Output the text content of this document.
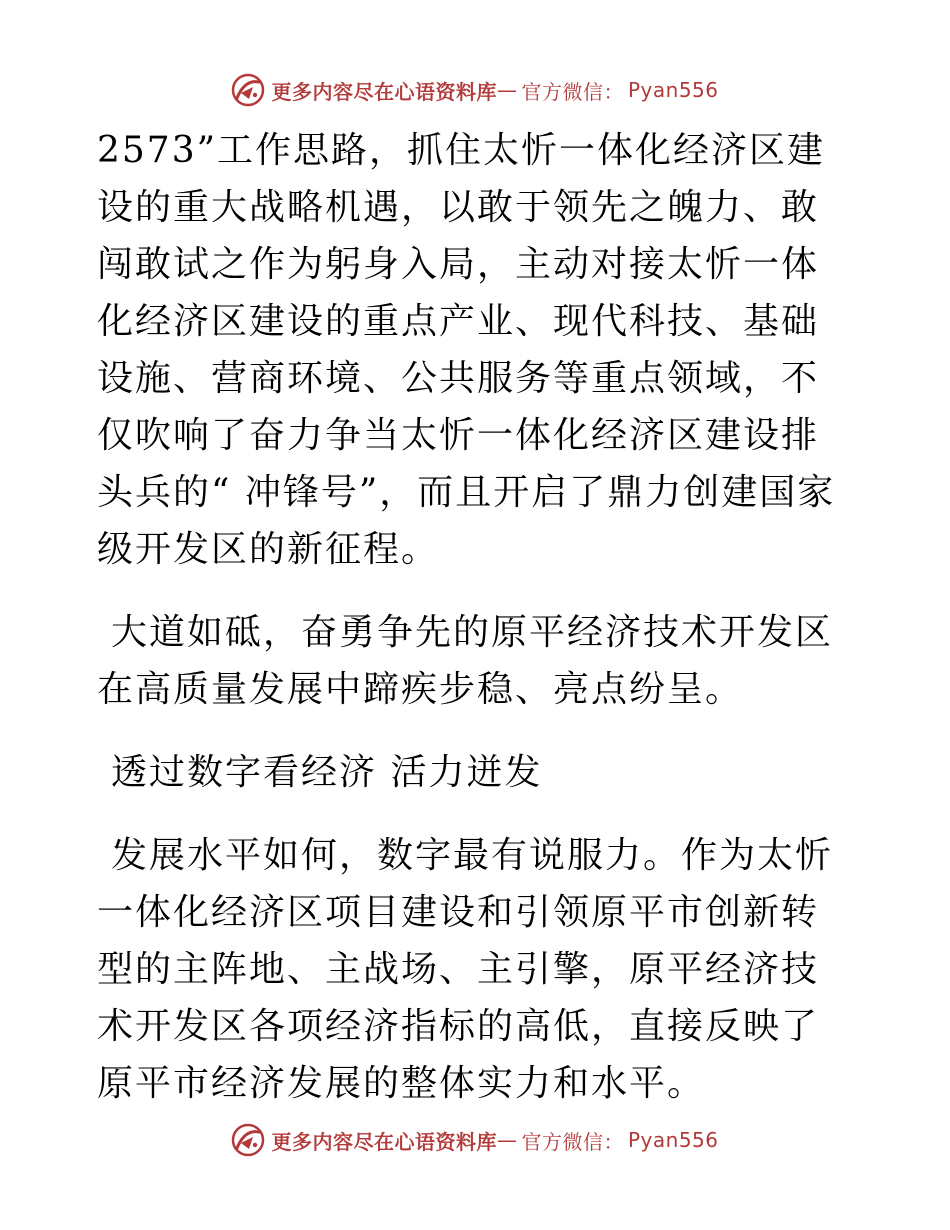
更多内容尽在心语资料库 — 官方微信： Pyan556

2573”工作思路，抓住太忻一体化经济区建设的重大战略机遇，以敢于领先之魄力、敢闯敢试之作为躬身入局，主动对接太忻一体化经济区建设的重点产业、现代科技、基础设施、营商环境、公共服务等重点领域，不仅吹响了奋力争当太忻一体化经济区建设排头兵的“ 冲锋号”，而且开启了鼎力创建国家级开发区的新征程。

大道如砥，奋勇争先的原平经济技术开发区在高质量发展中蹄疾步稳、亮点纷呈。

透过数字看经济 活力迸发

发展水平如何，数字最有说服力。作为太忻一体化经济区项目建设和引领原平市创新转型的主阵地、主战场、主引擎，原平经济技术开发区各项经济指标的高低，直接反映了原平市经济发展的整体实力和水平。

更多内容尽在心语资料库 — 官方微信： Pyan556
